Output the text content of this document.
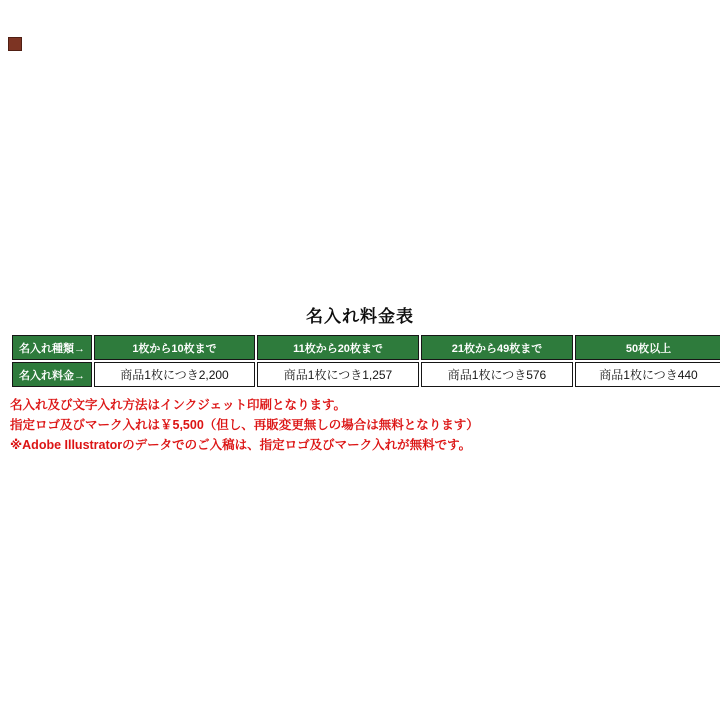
名入れ料金表
名入れ種類→	1枚から10枚まで	11枚から20枚まで	21枚から49枚まで	50枚以上
名入れ料金→	商品1枚につき2,200	商品1枚につき1,257	商品1枚につき576	商品1枚につき440
名入れ及び文字入れ方法はインクジェット印刷となります。
指定ロゴ及びマーク入れは￥5,500（但し、再販変更無しの場合は無料となります）
※Adobe Illustratorのデータでのご入稿は、指定ロゴ及びマーク入れが無料です。
